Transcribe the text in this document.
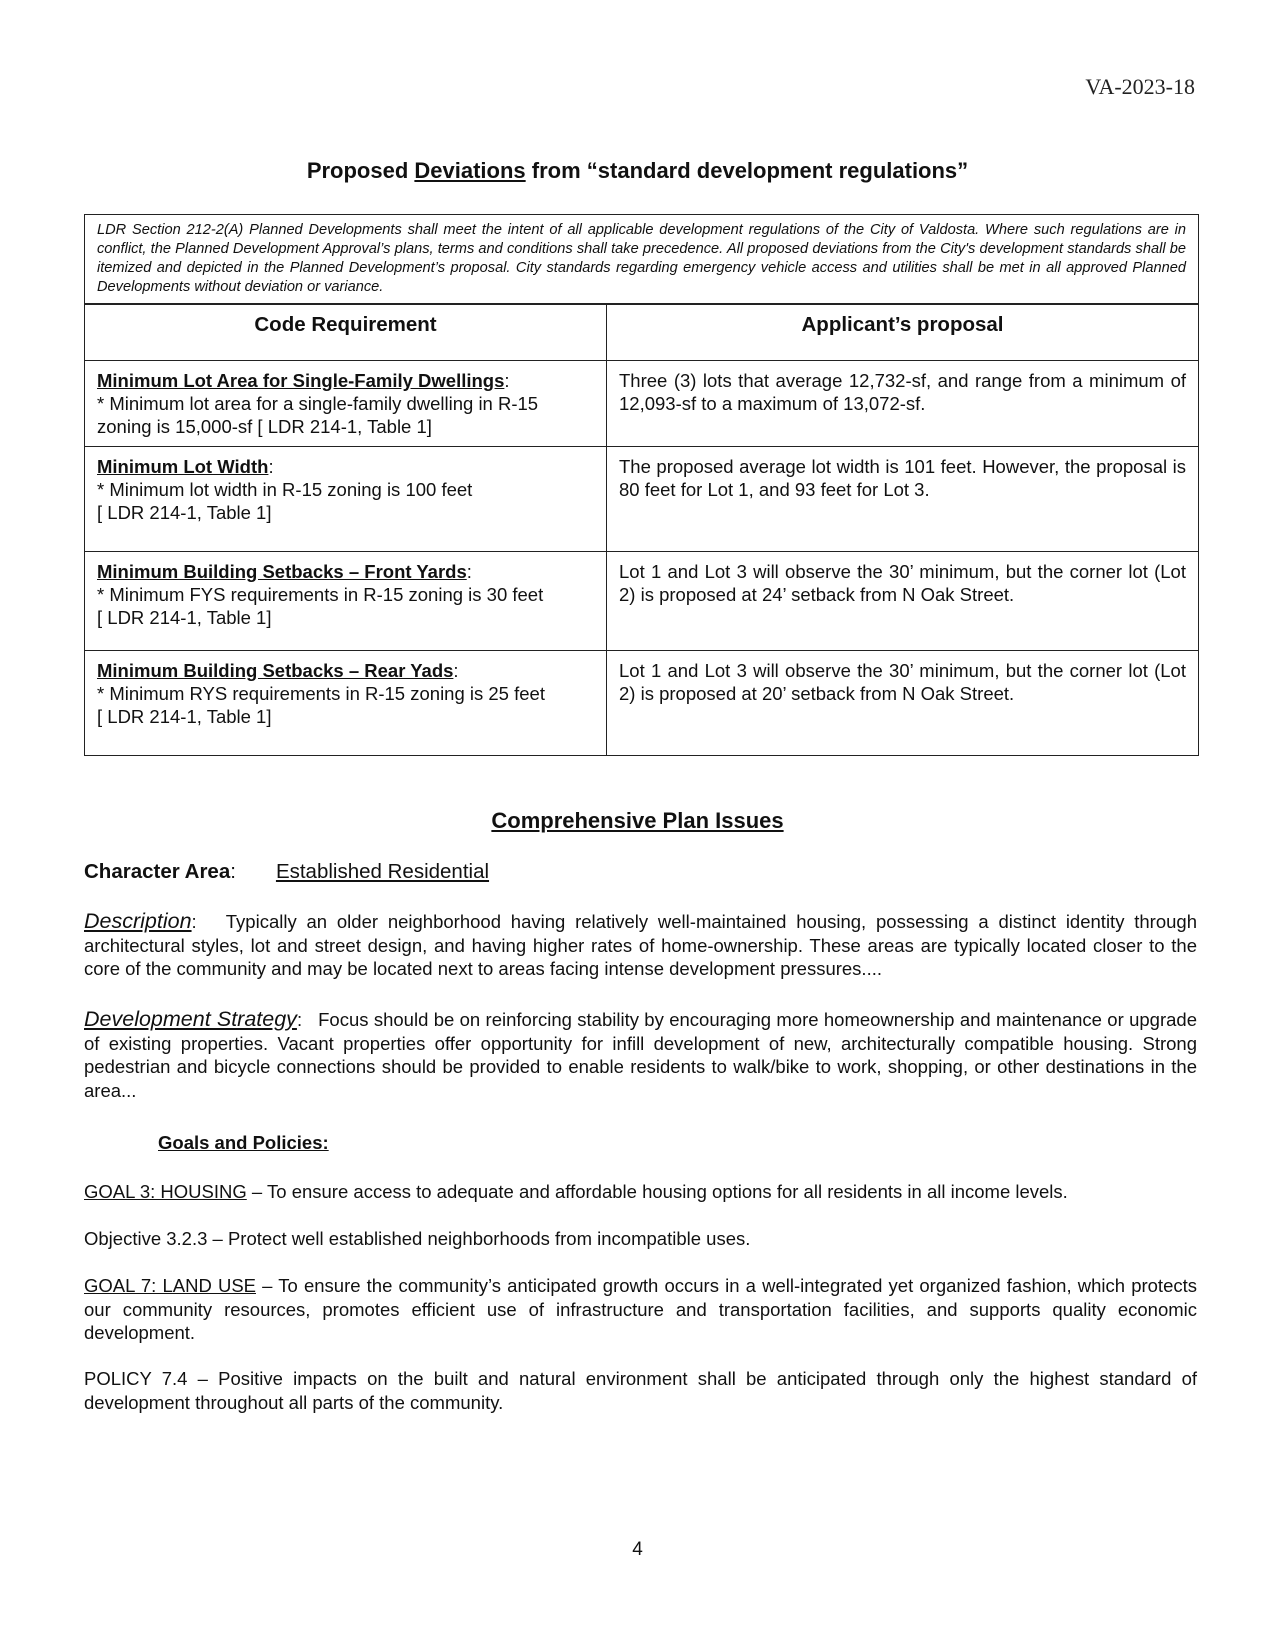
VA-2023-18
Proposed Deviations from “standard development regulations”
LDR Section 212-2(A) Planned Developments shall meet the intent of all applicable development regulations of the City of Valdosta. Where such regulations are in conflict, the Planned Development Approval’s plans, terms and conditions shall take precedence. All proposed deviations from the City's development standards shall be itemized and depicted in the Planned Development’s proposal. City standards regarding emergency vehicle access and utilities shall be met in all approved Planned Developments without deviation or variance.
Code Requirement	Applicant’s proposal
Minimum Lot Area for Single-Family Dwellings:
* Minimum lot area for a single-family dwelling in R-15
zoning is 15,000-sf [ LDR 214-1, Table 1]
Three (3) lots that average 12,732-sf, and range from a minimum of 12,093-sf to a maximum of 13,072-sf.
Minimum Lot Width:
* Minimum lot width in R-15 zoning is 100 feet
[ LDR 214-1, Table 1]
The proposed average lot width is 101 feet. However, the proposal is 80 feet for Lot 1, and 93 feet for Lot 3.
Minimum Building Setbacks – Front Yards:
* Minimum FYS requirements in R-15 zoning is 30 feet
[ LDR 214-1, Table 1]
Lot 1 and Lot 3 will observe the 30’ minimum, but the corner lot (Lot 2) is proposed at 24’ setback from N Oak Street.
Minimum Building Setbacks – Rear Yads:
* Minimum RYS requirements in R-15 zoning is 25 feet
[ LDR 214-1, Table 1]
Lot 1 and Lot 3 will observe the 30’ minimum, but the corner lot (Lot 2) is proposed at 20’ setback from N Oak Street.
Comprehensive Plan Issues
Character Area: Established Residential
Description:   Typically an older neighborhood having relatively well-maintained housing, possessing a distinct identity through architectural styles, lot and street design, and having higher rates of home-ownership. These areas are typically located closer to the core of the community and may be located next to areas facing intense development pressures....
Development Strategy:   Focus should be on reinforcing stability by encouraging more homeownership and maintenance or upgrade of existing properties. Vacant properties offer opportunity for infill development of new, architecturally compatible housing. Strong pedestrian and bicycle connections should be provided to enable residents to walk/bike to work, shopping, or other destinations in the area...
Goals and Policies:
GOAL 3: HOUSING – To ensure access to adequate and affordable housing options for all residents in all income levels.
Objective 3.2.3 – Protect well established neighborhoods from incompatible uses.
GOAL 7: LAND USE – To ensure the community’s anticipated growth occurs in a well-integrated yet organized fashion, which protects our community resources, promotes efficient use of infrastructure and transportation facilities, and supports quality economic development.
POLICY 7.4 – Positive impacts on the built and natural environment shall be anticipated through only the highest standard of development throughout all parts of the community.
4
